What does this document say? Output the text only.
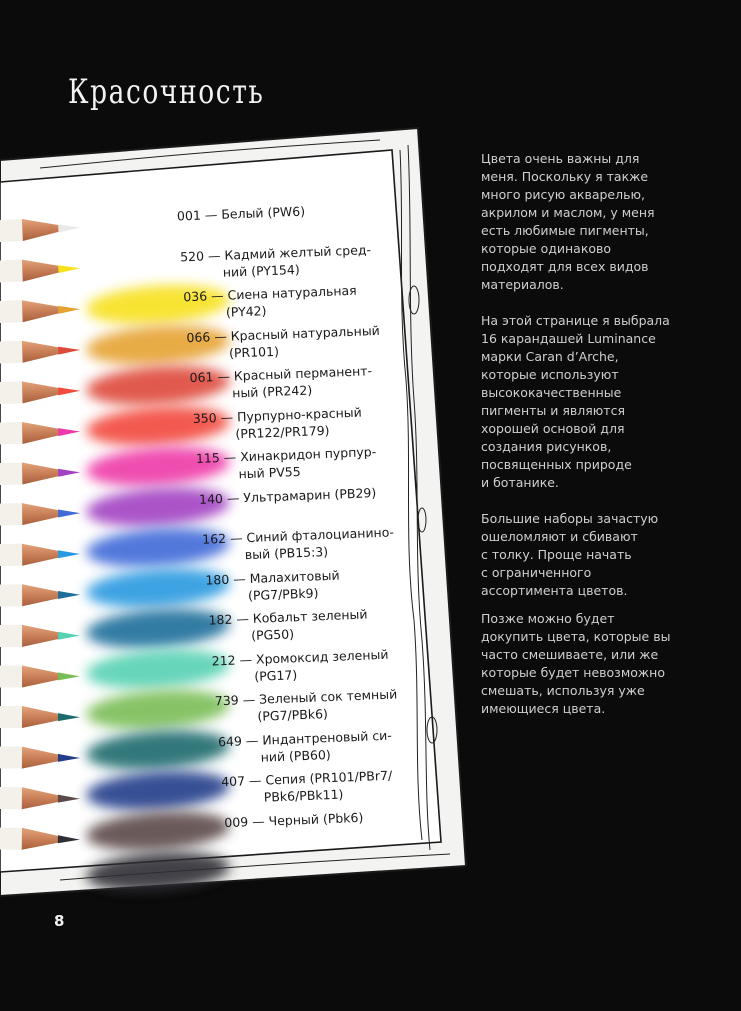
Красочность
001 — Белый (PW6)
520 — Кадмий желтый сред-
ний (PY154)
036 — Сиена натуральная
(PY42)
066 — Красный натуральный
(PR101)
061 — Красный перманент-
ный (PR242)
350 — Пурпурно-красный
(PR122/PR179)
115 — Хинакридон пурпур-
ный PV55
140 — Ультрамарин (PB29)
162 — Синий фталоцианино-
вый (PB15:3)
180 — Малахитовый
(PG7/PBk9)
182 — Кобальт зеленый
(PG50)
212 — Хромоксид зеленый
(PG17)
739 — Зеленый сок темный
(PG7/PBk6)
649 — Индантреновый си-
ний (PB60)
407 — Сепия (PR101/PBr7/
PBk6/PBk11)
009 — Черный (Pbk6)

Цвета очень важны для

меня. Поскольку я также

много рисую акварелью,

акрилом и маслом, у меня

есть любимые пигменты,

которые одинаково

подходят для всех видов

материалов.

На этой странице я выбрала

16 карандашей Luminance

марки Caran d’Arche,

которые используют

высококачественные

пигменты и являются

хорошей основой для

создания рисунков,

посвященных природе

и ботанике.

Большие наборы зачастую

ошеломляют и сбивают

с толку. Проще начать

с ограниченного

ассортимента цветов.

Позже можно будет

докупить цвета, которые вы

часто смешиваете, или же

которые будет невозможно

смешать, используя уже

имеющиеся цвета.

8
